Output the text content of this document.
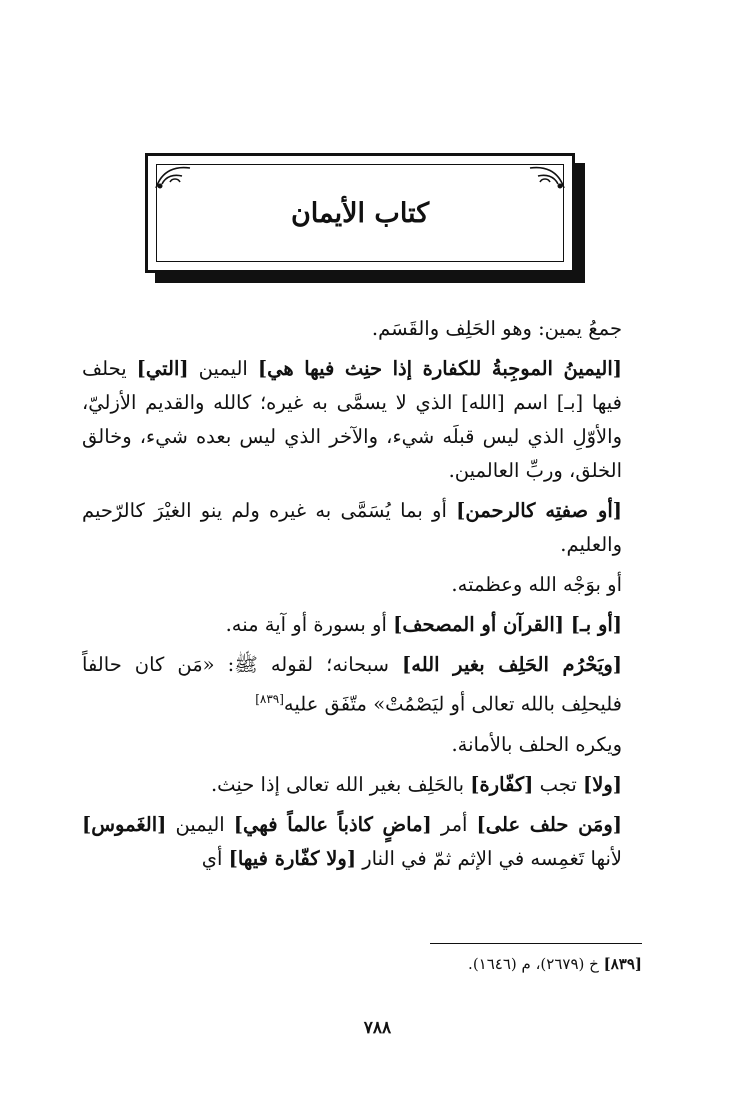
كتاب الأيمان

جمعُ يمين: وهو الحَلِف والقَسَم.

[اليمينُ الموجِبةُ للكفارة إذا حنِث فيها هي] اليمين [التي] يحلف فيها [بـ] اسم [الله] الذي لا يسمَّى به غيره؛ كالله والقديم الأزليّ، والأوّلِ الذي ليس قبلَه شيء، والآخر الذي ليس بعده شيء، وخالق الخلق، وربِّ العالمين.

[أو صفتِه كالرحمن] أو بما يُسَمَّى به غيره ولم ينو الغيْرَ كالرّحيم والعليم.

أو بوَجْه الله وعظمته.

[أو بـ] [القرآن أو المصحف] أو بسورة أو آية منه.

[ويَحْرُم الحَلِف بغير الله] سبحانه؛ لقوله ﷺ: «مَن كان حالفاً فليحلِف بالله تعالى أو ليَصْمُتْ» متّفَق عليه[٨٣٩]

ويكره الحلف بالأمانة.

[ولا] تجب [كفّارة] بالحَلِف بغير الله تعالى إذا حنِث.

[ومَن حلف على] أمر [ماضٍ كاذباً عالماً فهي] اليمين [الغَموس] لأنها تَغمِسه في الإثم ثمّ في النار [ولا كفّارة فيها] أي

[٨٣٩] خ (٢٦٧٩)، م (١٦٤٦).
٧٨٨
